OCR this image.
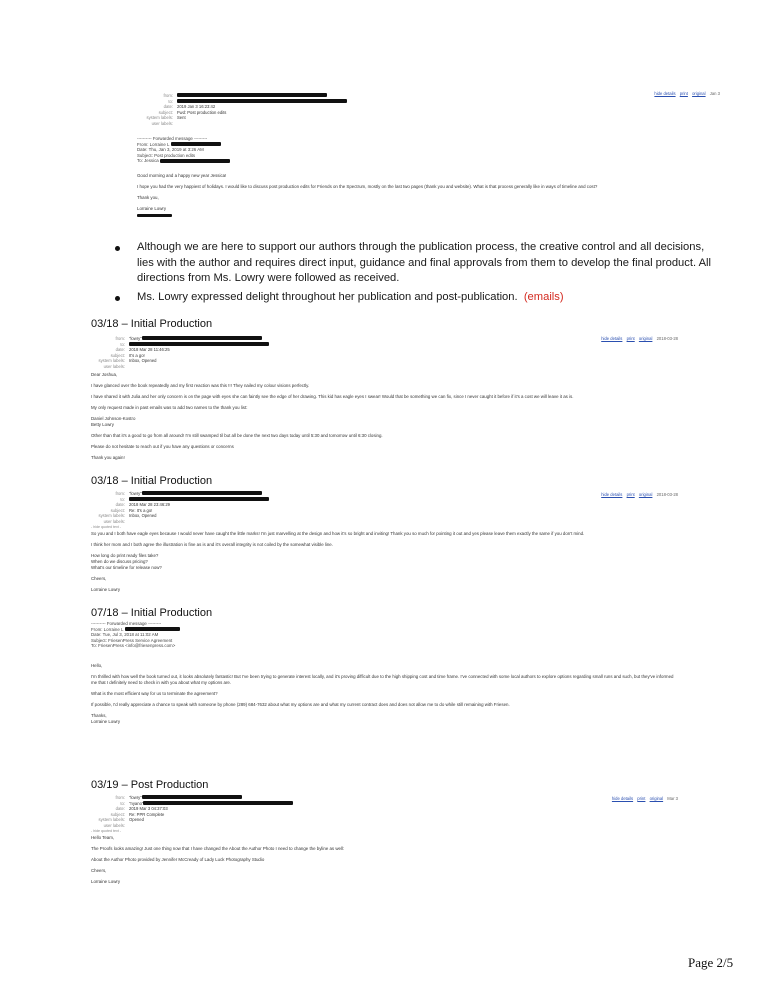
from:
to:
date: 2019 Jan 3 16:23:42
subject: Fwd: Post production edits
system labels: Sent
user labels:
hide details print original Jan 3
---------- Forwarded message ---------
From: Lorraine L
Date: Thu, Jan 3, 2019 at 3:26 AM
Subject: Post production edits
To: Jessica

Good morning and a happy new year Jessica!

I hope you had the very happiest of holidays. I would like to discuss post production edits for Friends on the Spectrum, mostly on the last two pages (thank you and website). What is that process generally like in ways of timeline and cost?

Thank you,

Lorraine Lowry

Although we are here to support our authors through the publication process, the creative control and all decisions, lies with the author and requires direct input, guidance and final approvals from them to develop the final product. All directions from Ms. Lowry were followed as received.
Ms. Lowry expressed delight throughout her publication and post-publication. (emails)
03/18 – Initial Production
from: "lowry"
to:
date: 2018 Mar 28 11:46:25
subject: It's a go!
system labels: Inbox, Opened
user labels:
hide details print original 2018-03-28

Dear Joshua,

I have glanced over the book repeatedly and my first reaction was this !!! They nailed my colour visions perfectly.

I have shared it with Julia and her only concern is on the page with eyes she can faintly see the edge of her drawing. This kid has eagle eyes I swear! Would that be something we can fix, since I never caught it before if it's a cost we will leave it as is.

My only request made in past emails was to add two names to the thank you list:

Daniel Johnson-Kostro
Betty Lowry

Other than that it's a good to go from all around! I'm still swamped til but all be done the next two days today until 5:30 and tomorrow until 6:30 closing.

Please do not hesitate to reach out if you have any questions or concerns

Thank you again!

03/18 – Initial Production
from: "lowry"
to:
date: 2018 Mar 28 23:46:29
subject: Re: It's a go!
system labels: Inbox, Opened
user labels:
hide details print original 2018-03-28
- hide quoted text -

So you and I both have eagle eyes because I would never have caught the little marks! I'm just marvelling at the design and how it's so bright and inviting! Thank you so much for pointing it out and yes please leave them exactly the same if you don't mind.

I think her mom and I both agree the illustration is fine as is and it's overall integrity is not coiled by the somewhat visible line.

How long do print ready files take?
When do we discuss pricing?
What's our timeline for release now?

Cheers,

Lorraine Lowry

07/18 – Initial Production
---------- Forwarded message ---------
From: Lorraine L
Date: Tue, Jul 3, 2018 at 11:02 AM
Subject: FriesenPress Service Agreement
To: FriesenPress <info@friesenpress.com>

Hello,

I'm thrilled with how well the book turned out, it looks absolutely fantastic! But I've been trying to generate interest locally, and it's proving difficult due to the high shipping cost and time frame. I've connected with some local authors to explore options regarding small runs and such, but they've informed me that I definitely need to check in with you about what my options are.

What is the most efficient way for us to terminate the agreement?

If possible, I'd really appreciate a chance to speak with someone by phone (289) 684-7632 about what my options are and what my current contract does and does not allow me to do while still remaining with Friesen.

Thanks,
Lorraine Lowry

03/19 – Post Production
from: "lowry"
to: "nyano"
date: 2019 Mar 3 04:37:03
subject: Re: PPR Complete
system labels: Opened
user labels:
hide details print original Mar 3
- hide quoted text -

Hello Team,

The Proofs looks amazing! Just one thing now that I have changed the About the Author Photo I need to change the byline as well:

About the Author Photo provided by Jennifer McCready of Lady Luck Photography Studio

Cheers,

Lorraine Lowry

Page 2/5
